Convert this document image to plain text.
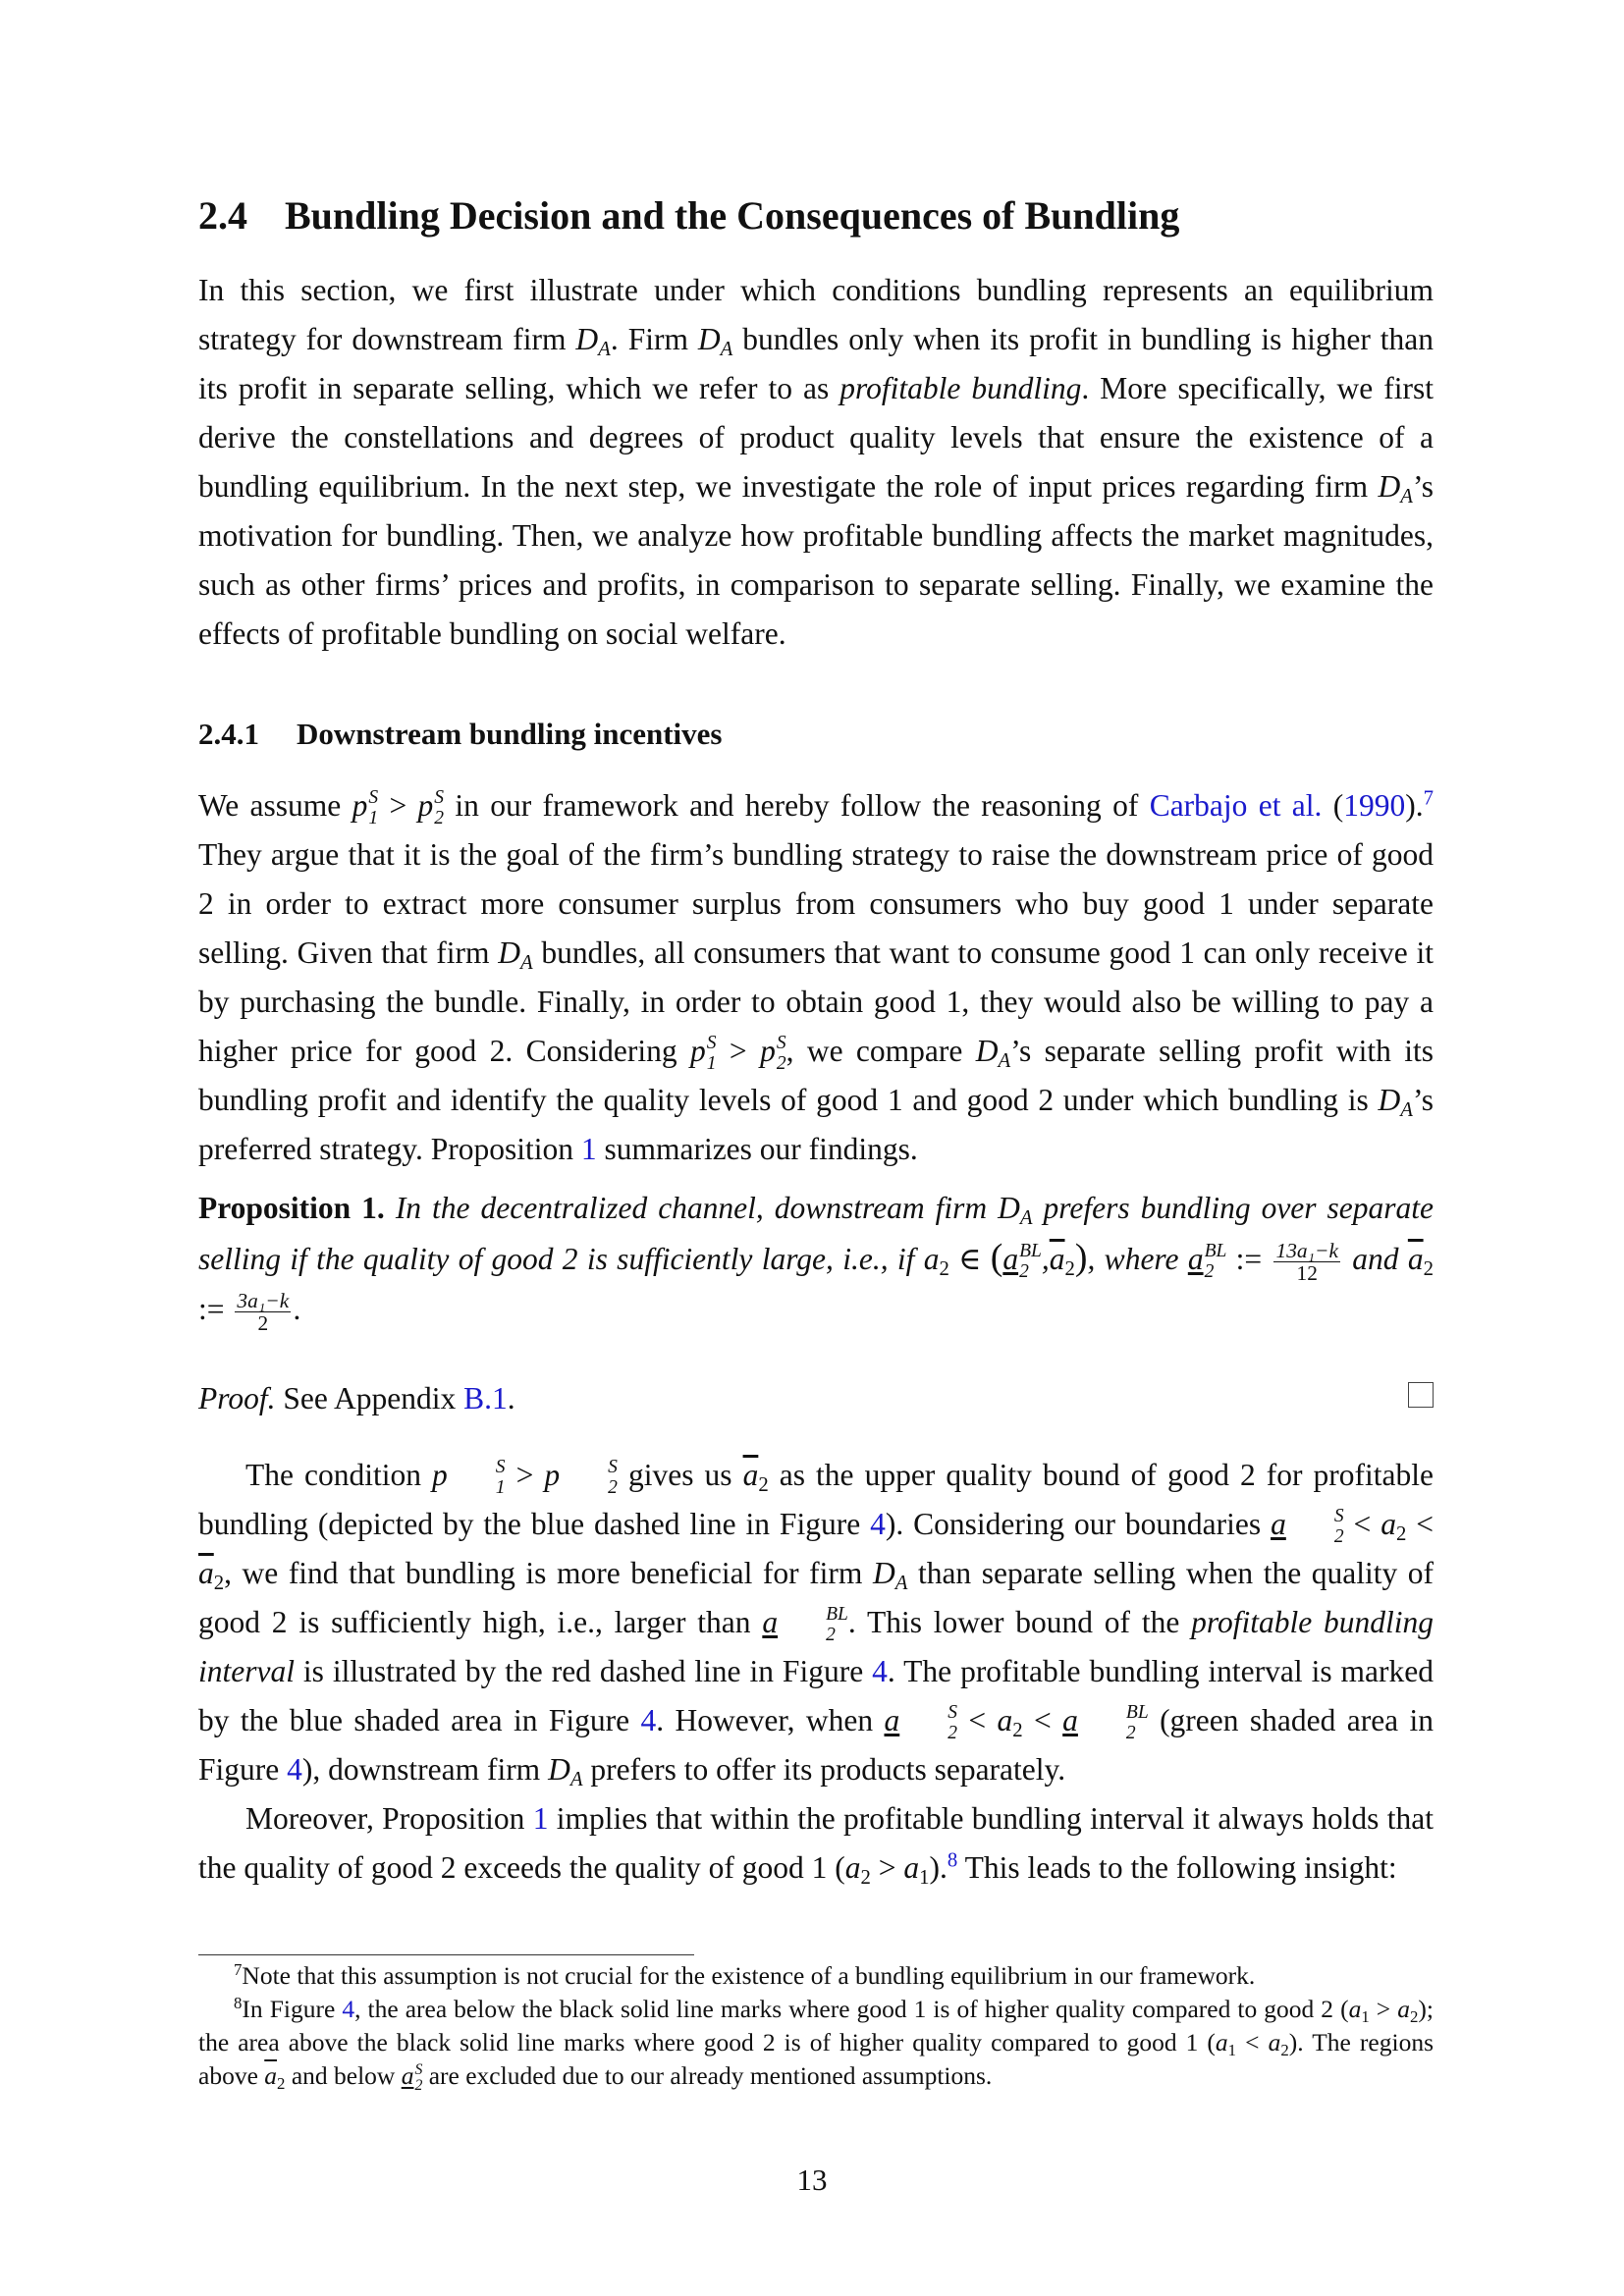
2.4 Bundling Decision and the Consequences of Bundling

In this section, we first illustrate under which conditions bundling represents an equilibrium strategy for downstream firm $D_A$. Firm $D_A$ bundles only when its profit in bundling is higher than its profit in separate selling, which we refer to as profitable bundling. More specifically, we first derive the constellations and degrees of product quality levels that ensure the existence of a bundling equilibrium. In the next step, we investigate the role of input prices regarding firm $D_A’s$ motivation for bundling. Then, we analyze how profitable bundling affects the market magnitudes, such as other firms’ prices and profits, in comparison to separate selling. Finally, we examine the effects of profitable bundling on social welfare.

2.4.1 Downstream bundling incentives

We assume p S
1 > p S
2 in our framework and hereby follow the reasoning of Carbajo et al. (1990).$^7$ They argue that it is the goal of the firm’s bundling strategy to raise the downstream price of good 2 in order to extract more consumer surplus from consumers who buy good 1 under separate selling. Given that firm $D_A$ bundles, all consumers that want to consume good 1 can only receive it by purchasing the bundle. Finally, in order to obtain good 1, they would also be willing to pay a higher price for good 2. Considering p S
1 > p S
2 , we compare $D_A’s$ separate selling profit with its bundling profit and identify the quality levels of good 1 and good 2 under which bundling is $D_A’s$ preferred strategy. Proposition 1 summarizes our findings.

Proposition 1. In the decentralized channel, downstream firm $D_A$ prefers bundling over separate selling if the quality of good 2 is sufficiently large, i.e., if $a_2$ ∈ (a BL
2 $,\overline{a}_2$), where a BL
2 := $\frac{\text{13a₁−k}}{12}$ and $\overline{a}_2$ := $\frac{\text{3a₁−k}}{2}$ .

Proof. See Appendix B.1.

The condition p	S
1 > p	S
2 gives us $\overline{a}_2$ as the upper quality bound of good 2 for profitable bundling (depicted by the blue dashed line in Figure 4). Considering our boundaries a	S
$2 < a_2 < \overline{a}_2$, we find that bundling is more beneficial for firm $D_A$ than separate selling when the quality of good 2 is sufficiently high, i.e., larger than a	BL
2 . This lower bound of the profitable bundling interval is illustrated by the red dashed line in Figure 4. The profitable bundling interval is marked by the blue shaded area in Figure 4. However, when a	S
$2 < a_2 < a$	BL
2 (green shaded area in Figure 4), downstream firm $D_A$ prefers to offer its products separately.

Moreover, Proposition 1 implies that within the profitable bundling interval it always holds that the quality of good 2 exceeds the quality of good 1 $(a_2 > a_1).^8$ This leads to the following insight:

$^7$Note that this assumption is not crucial for the existence of a bundling equilibrium in our framework.

$^8$In Figure 4, the area below the black solid line marks where good 1 is of higher quality compared to good 2 $(a_1 > a_2)$; the area above the black solid line marks where good 2 is of higher quality compared to good 1 $(a_1 < a_2)$. The regions above $\overline{a}_2$ and below a S
2 are excluded due to our already mentioned assumptions.

13
